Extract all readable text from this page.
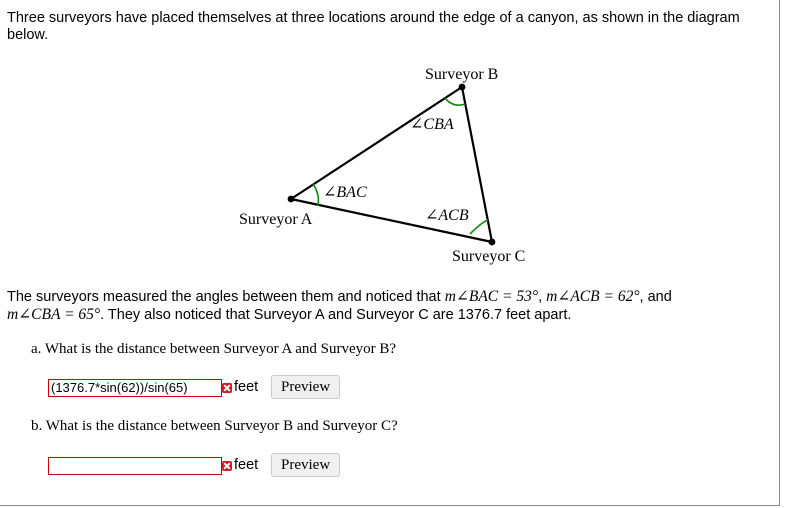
Three surveyors have placed themselves at three locations around the edge of a canyon, as shown in the diagram below.
Surveyor B
Surveyor A
Surveyor C
∠CBA
∠BAC
∠ACB
The surveyors measured the angles between them and noticed that m∠BAC = 53°, m∠ACB = 62°, and
m∠CBA = 65°. They also noticed that Surveyor A and Surveyor C are 1376.7 feet apart.
a. What is the distance between Surveyor A and Surveyor B?
(1376.7*sin(62))/sin(65)
feet	Preview
b. What is the distance between Surveyor B and Surveyor C?
feet	Preview
